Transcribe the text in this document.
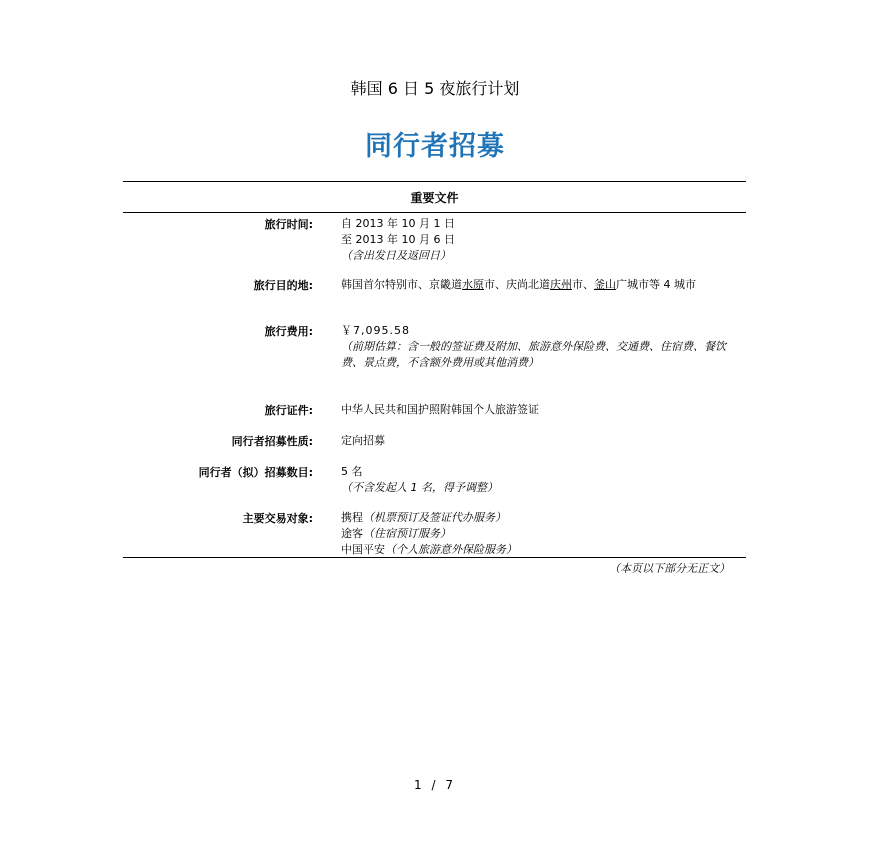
韩国 6 日 5 夜旅行计划
同行者招募
重要文件
旅行时间:	自 2013 年 10 月 1 日
至 2013 年 10 月 6 日
（含出发日及返回日）
旅行目的地:	韩国首尔特别市、京畿道水原市、庆尚北道庆州市、釜山广城市等 4 城市
旅行费用:	￥7,095.58
（前期估算：含一般的签证费及附加、旅游意外保险费、交通费、住宿费、餐饮费、景点费，不含额外费用或其他消费）
旅行证件:	中华人民共和国护照附韩国个人旅游签证
同行者招募性质:	定向招募
同行者（拟）招募数目:	5 名
（不含发起人 1 名，得予调整）
主要交易对象:	携程（机票预订及签证代办服务）
途客（住宿预订服务）
中国平安（个人旅游意外保险服务）
（本页以下部分无正文）
1 / 7
